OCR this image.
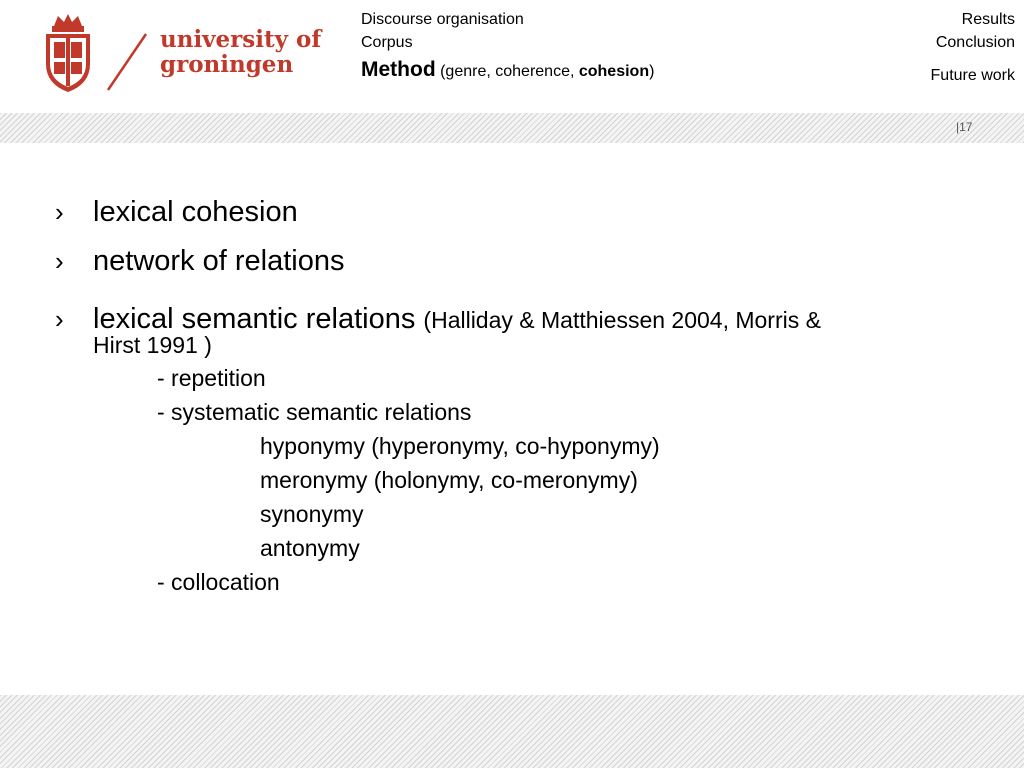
university of
groningen
Discourse organisation
Corpus
Method (genre, coherence, cohesion)
Results
Conclusion
Future work
|17
› lexical cohesion
› network of relations
› lexical semantic relations (Halliday & Matthiessen 2004, Morris &
Hirst 1991 )
- repetition
- systematic semantic relations
hyponymy (hyperonymy, co-hyponymy)
meronymy (holonymy, co-meronymy)
synonymy
antonymy
- collocation
